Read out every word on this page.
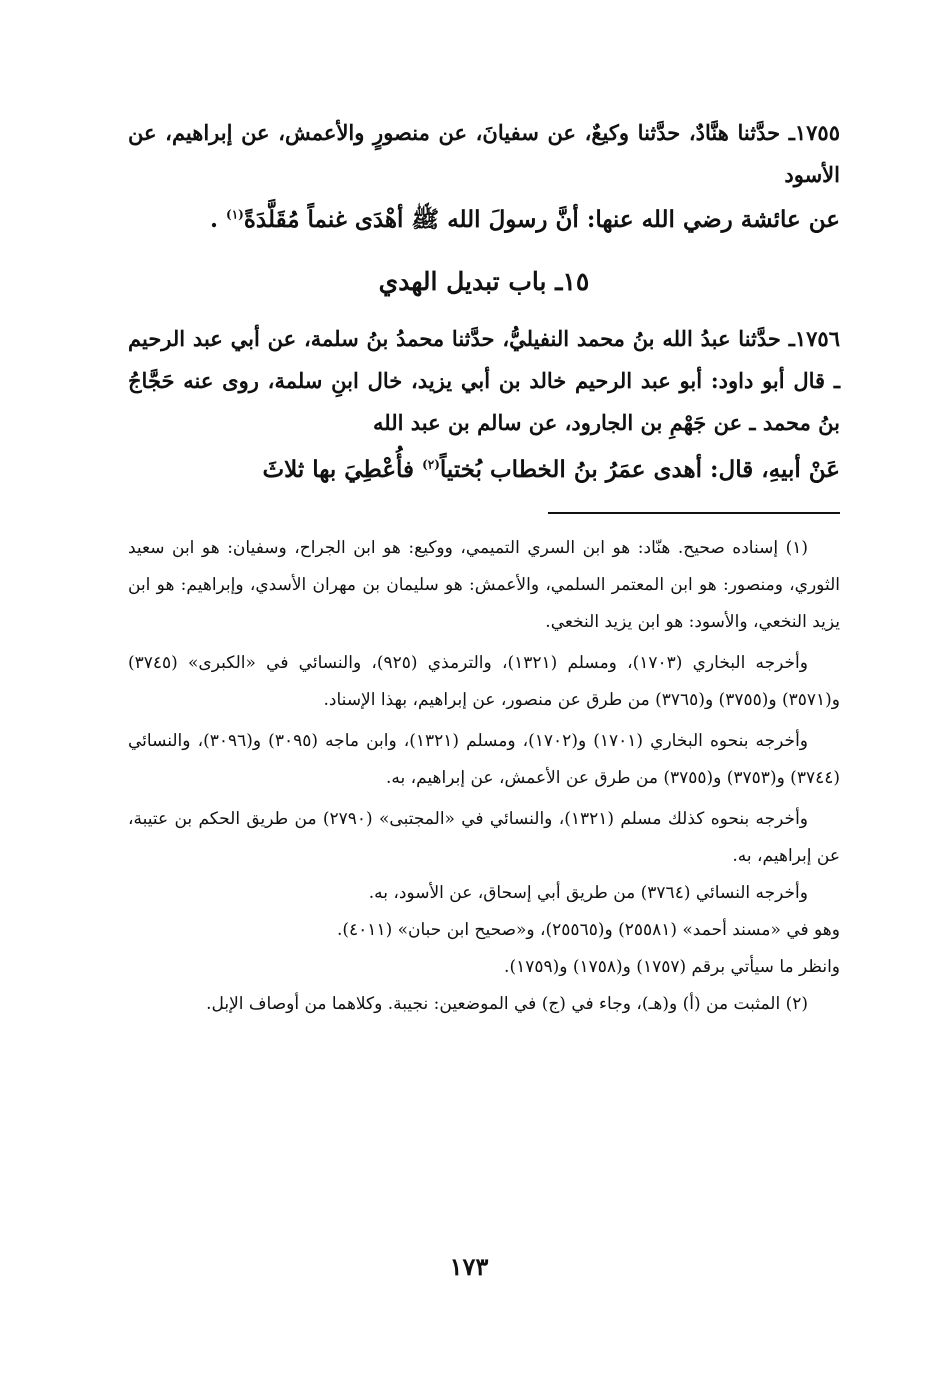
١٧٥٥ـ حدَّثنا هنَّادٌ، حدَّثنا وكيعٌ، عن سفيانَ، عن منصورٍ والأعمش، عن إبراهيم، عن الأسود

عن عائشة رضي الله عنها: أنَّ رسولَ الله ﷺ أهْدَى غنماً مُقَلَّدَةً$^{(١)}$ .

١٥ـ باب تبديل الهدي

١٧٥٦ـ حدَّثنا عبدُ الله بنُ محمد النفيليُّ، حدَّثنا محمدُ بنُ سلمة، عن أبي عبد الرحيم ـ قال أبو داود: أبو عبد الرحيم خالد بن أبي يزيد، خال ابنِ سلمة، روى عنه حَجَّاجُ بنُ محمد ـ عن جَهْمِ بن الجارود، عن سالم بن عبد الله

عَنْ أبيهِ، قال: أهدى عمَرُ بنُ الخطاب بُختياً$^{(٢)}$ فأُعْطِيَ بها ثلاثَ

(١) إسناده صحيح. هنّاد: هو ابن السري التميمي، ووكيع: هو ابن الجراح، وسفيان: هو ابن سعيد الثوري، ومنصور: هو ابن المعتمر السلمي، والأعمش: هو سليمان بن مهران الأسدي، وإبراهيم: هو ابن يزيد النخعي، والأسود: هو ابن يزيد النخعي.

وأخرجه البخاري (١٧٠٣)، ومسلم (١٣٢١)، والترمذي (٩٢٥)، والنسائي في «الكبرى» (٣٧٤٥) و(٣٥٧١) و(٣٧٥٥) و(٣٧٦٥) من طرق عن منصور، عن إبراهيم، بهذا الإسناد.

وأخرجه بنحوه البخاري (١٧٠١) و(١٧٠٢)، ومسلم (١٣٢١)، وابن ماجه (٣٠٩٥) و(٣٠٩٦)، والنسائي (٣٧٤٤) و(٣٧٥٣) و(٣٧٥٥) من طرق عن الأعمش، عن إبراهيم، به.

وأخرجه بنحوه كذلك مسلم (١٣٢١)، والنسائي في «المجتبى» (٢٧٩٠) من طريق الحكم بن عتيبة، عن إبراهيم، به.

وأخرجه النسائي (٣٧٦٤) من طريق أبي إسحاق، عن الأسود، به.

وهو في «مسند أحمد» (٢٥٥٨١) و(٢٥٥٦٥)، و«صحيح ابن حبان» (٤٠١١).

وانظر ما سيأتي برقم (١٧٥٧) و(١٧٥٨) و(١٧٥٩).

(٢) المثبت من (أ) و(هـ)، وجاء في (ج) في الموضعين: نجيبة. وكلاهما من أوصاف الإبل.

١٧٣
